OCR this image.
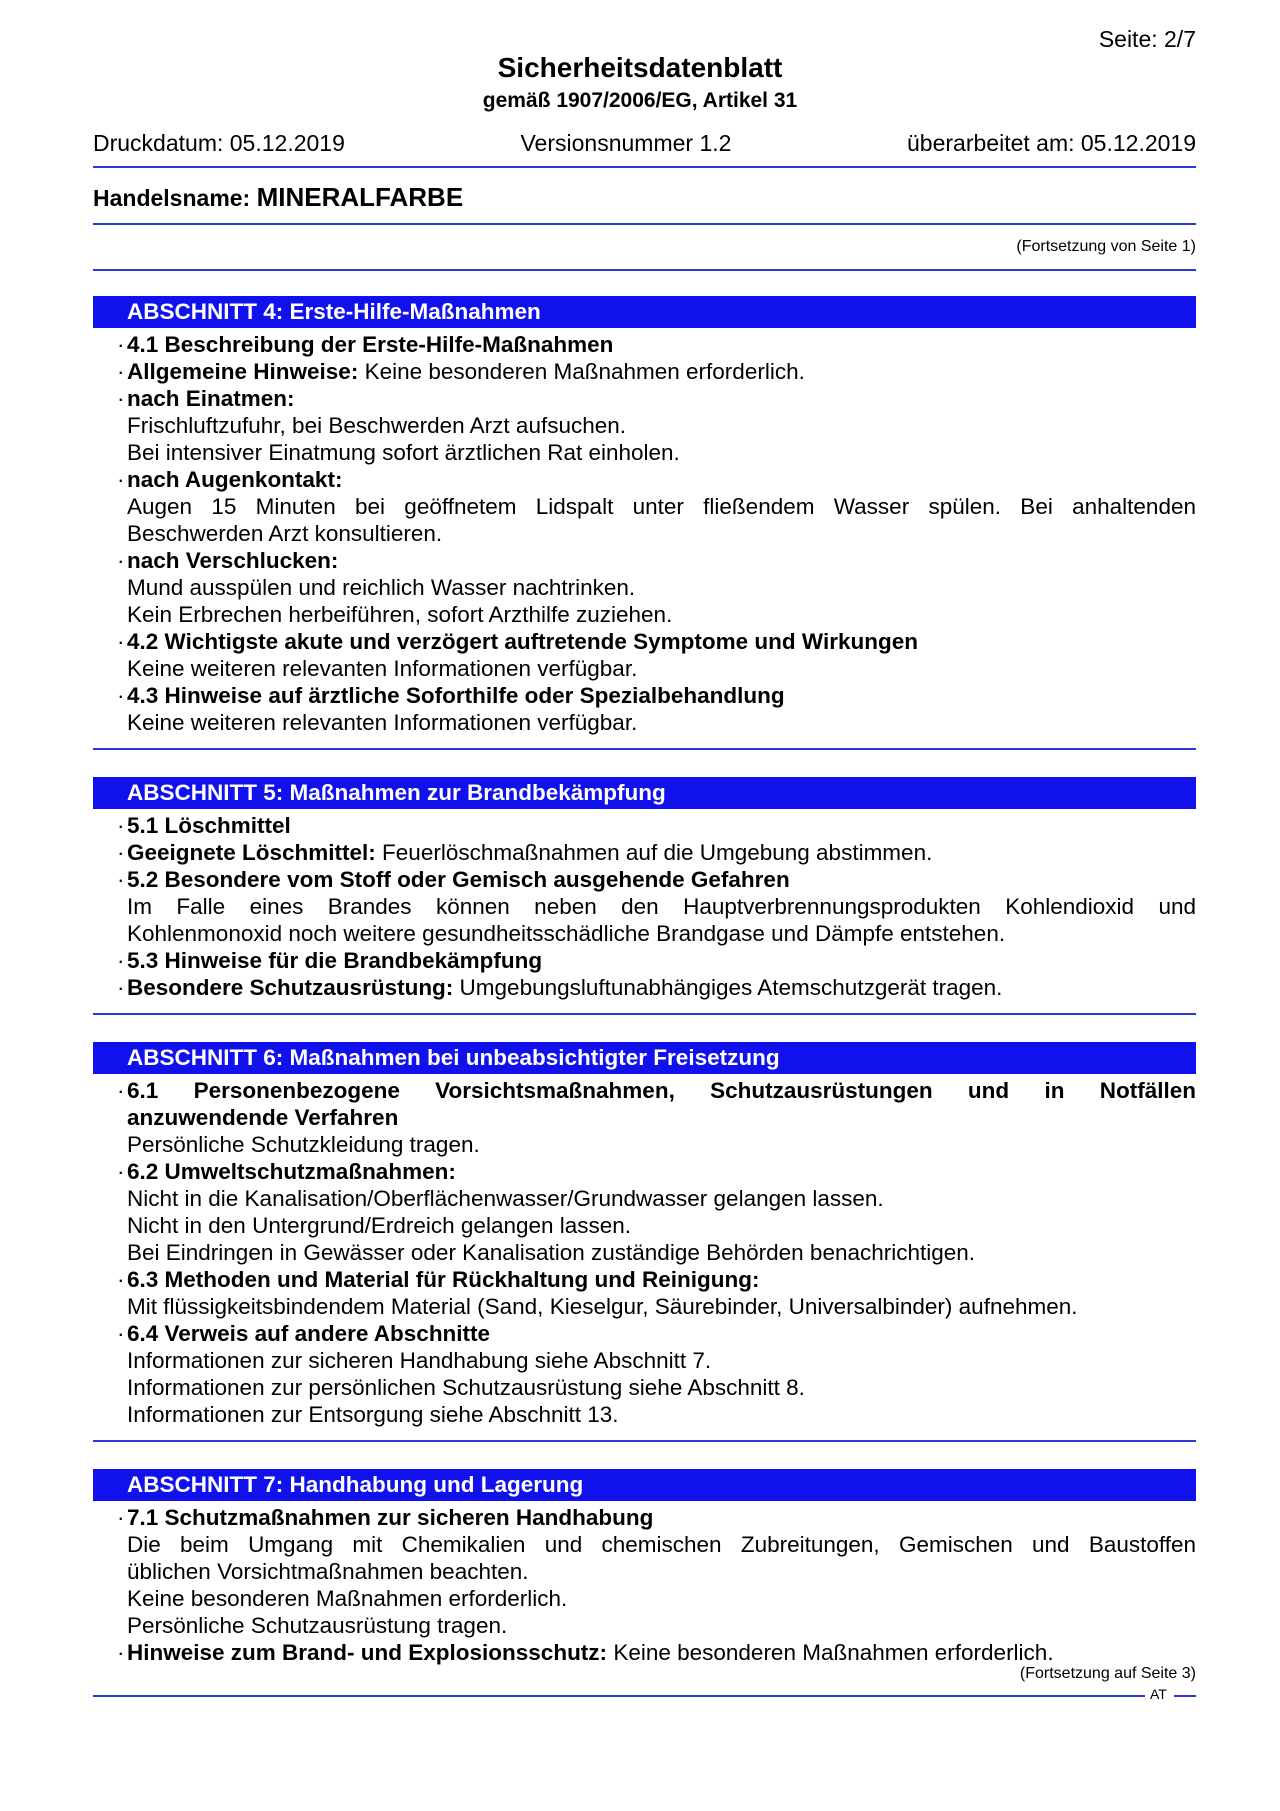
Seite: 2/7
Sicherheitsdatenblatt
gemäß 1907/2006/EG, Artikel 31
Druckdatum: 05.12.2019	Versionsnummer 1.2	überarbeitet am: 05.12.2019
Handelsname: MINERALFARBE
(Fortsetzung von Seite 1)
ABSCHNITT 4: Erste-Hilfe-Maßnahmen
· 4.1 Beschreibung der Erste-Hilfe-Maßnahmen
· Allgemeine Hinweise: Keine besonderen Maßnahmen erforderlich.
· nach Einatmen:
Frischluftzufuhr, bei Beschwerden Arzt aufsuchen.
Bei intensiver Einatmung sofort ärztlichen Rat einholen.
· nach Augenkontakt:
Augen 15 Minuten bei geöffnetem Lidspalt unter fließendem Wasser spülen. Bei anhaltenden
Beschwerden Arzt konsultieren.
· nach Verschlucken:
Mund ausspülen und reichlich Wasser nachtrinken.
Kein Erbrechen herbeiführen, sofort Arzthilfe zuziehen.
· 4.2 Wichtigste akute und verzögert auftretende Symptome und Wirkungen
Keine weiteren relevanten Informationen verfügbar.
· 4.3 Hinweise auf ärztliche Soforthilfe oder Spezialbehandlung
Keine weiteren relevanten Informationen verfügbar.
ABSCHNITT 5: Maßnahmen zur Brandbekämpfung
· 5.1 Löschmittel
· Geeignete Löschmittel: Feuerlöschmaßnahmen auf die Umgebung abstimmen.
· 5.2 Besondere vom Stoff oder Gemisch ausgehende Gefahren
Im Falle eines Brandes können neben den Hauptverbrennungsprodukten Kohlendioxid und
Kohlenmonoxid noch weitere gesundheitsschädliche Brandgase und Dämpfe entstehen.
· 5.3 Hinweise für die Brandbekämpfung
· Besondere Schutzausrüstung: Umgebungsluftunabhängiges Atemschutzgerät tragen.
ABSCHNITT 6: Maßnahmen bei unbeabsichtigter Freisetzung
· 6.1 Personenbezogene Vorsichtsmaßnahmen, Schutzausrüstungen und in Notfällen
anzuwendende Verfahren
Persönliche Schutzkleidung tragen.
· 6.2 Umweltschutzmaßnahmen:
Nicht in die Kanalisation/Oberflächenwasser/Grundwasser gelangen lassen.
Nicht in den Untergrund/Erdreich gelangen lassen.
Bei Eindringen in Gewässer oder Kanalisation zuständige Behörden benachrichtigen.
· 6.3 Methoden und Material für Rückhaltung und Reinigung:
Mit flüssigkeitsbindendem Material (Sand, Kieselgur, Säurebinder, Universalbinder) aufnehmen.
· 6.4 Verweis auf andere Abschnitte
Informationen zur sicheren Handhabung siehe Abschnitt 7.
Informationen zur persönlichen Schutzausrüstung siehe Abschnitt 8.
Informationen zur Entsorgung siehe Abschnitt 13.
ABSCHNITT 7: Handhabung und Lagerung
· 7.1 Schutzmaßnahmen zur sicheren Handhabung
Die beim Umgang mit Chemikalien und chemischen Zubreitungen, Gemischen und Baustoffen
üblichen Vorsichtmaßnahmen beachten.
Keine besonderen Maßnahmen erforderlich.
Persönliche Schutzausrüstung tragen.
· Hinweise zum Brand- und Explosionsschutz: Keine besonderen Maßnahmen erforderlich.
(Fortsetzung auf Seite 3)
AT
